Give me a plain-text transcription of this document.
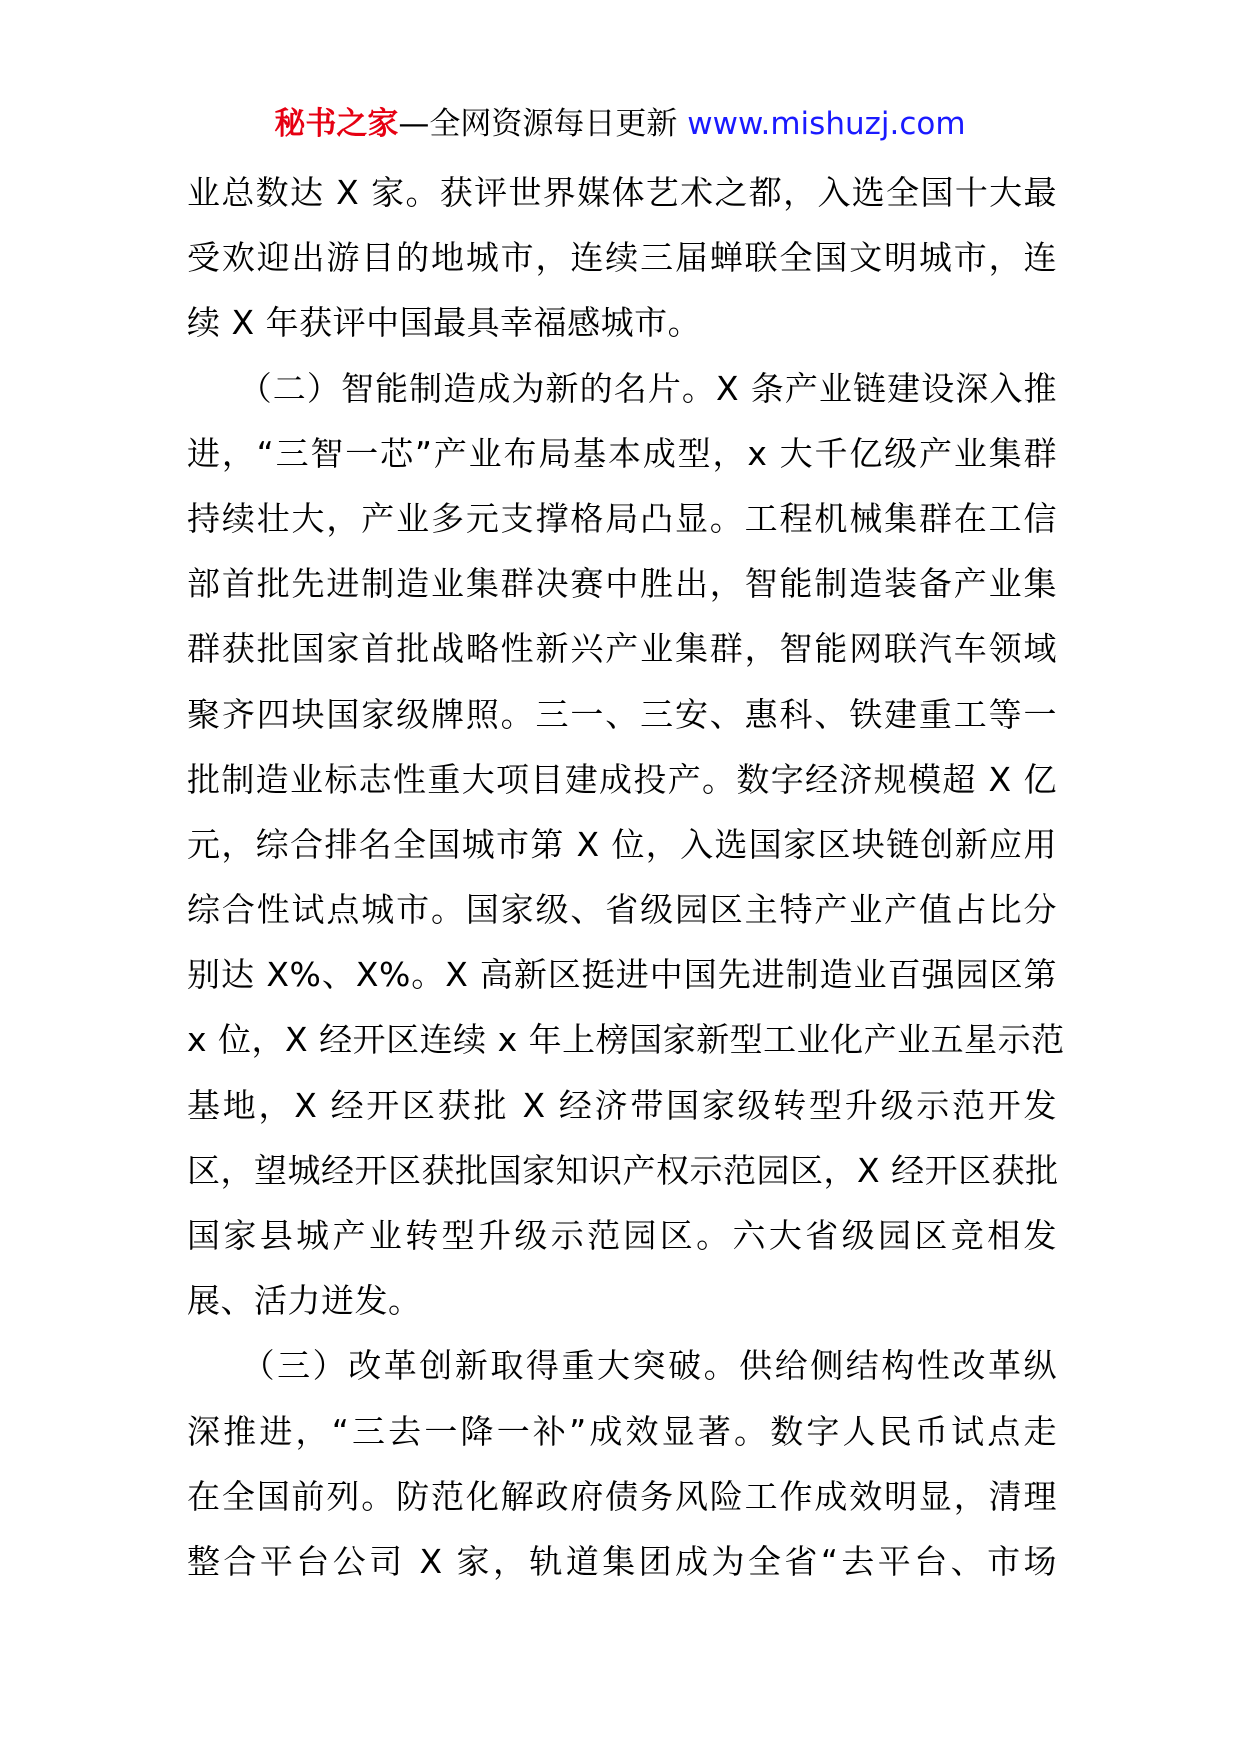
秘书之家—全网资源每日更新 www.mishuzj.com
业总数达 X 家。获评世界媒体艺术之都，入选全国十大最
受欢迎出游目的地城市，连续三届蝉联全国文明城市，连
续 X 年获评中国最具幸福感城市。
　　（二）智能制造成为新的名片。X 条产业链建设深入推
进，“三智一芯”产业布局基本成型，x 大千亿级产业集群
持续壮大，产业多元支撑格局凸显。工程机械集群在工信
部首批先进制造业集群决赛中胜出，智能制造装备产业集
群获批国家首批战略性新兴产业集群，智能网联汽车领域
聚齐四块国家级牌照。三一、三安、惠科、铁建重工等一
批制造业标志性重大项目建成投产。数字经济规模超 X 亿
元，综合排名全国城市第 X 位，入选国家区块链创新应用
综合性试点城市。国家级、省级园区主特产业产值占比分
别达 X%、X%。X 高新区挺进中国先进制造业百强园区第
x 位，X 经开区连续 x 年上榜国家新型工业化产业五星示范
基地，X 经开区获批 X 经济带国家级转型升级示范开发
区，望城经开区获批国家知识产权示范园区，X 经开区获批
国家县城产业转型升级示范园区。六大省级园区竞相发
展、活力迸发。
　　（三）改革创新取得重大突破。供给侧结构性改革纵
深推进，“三去一降一补”成效显著。数字人民币试点走
在全国前列。防范化解政府债务风险工作成效明显，清理
整合平台公司 X 家，轨道集团成为全省“去平台、市场
